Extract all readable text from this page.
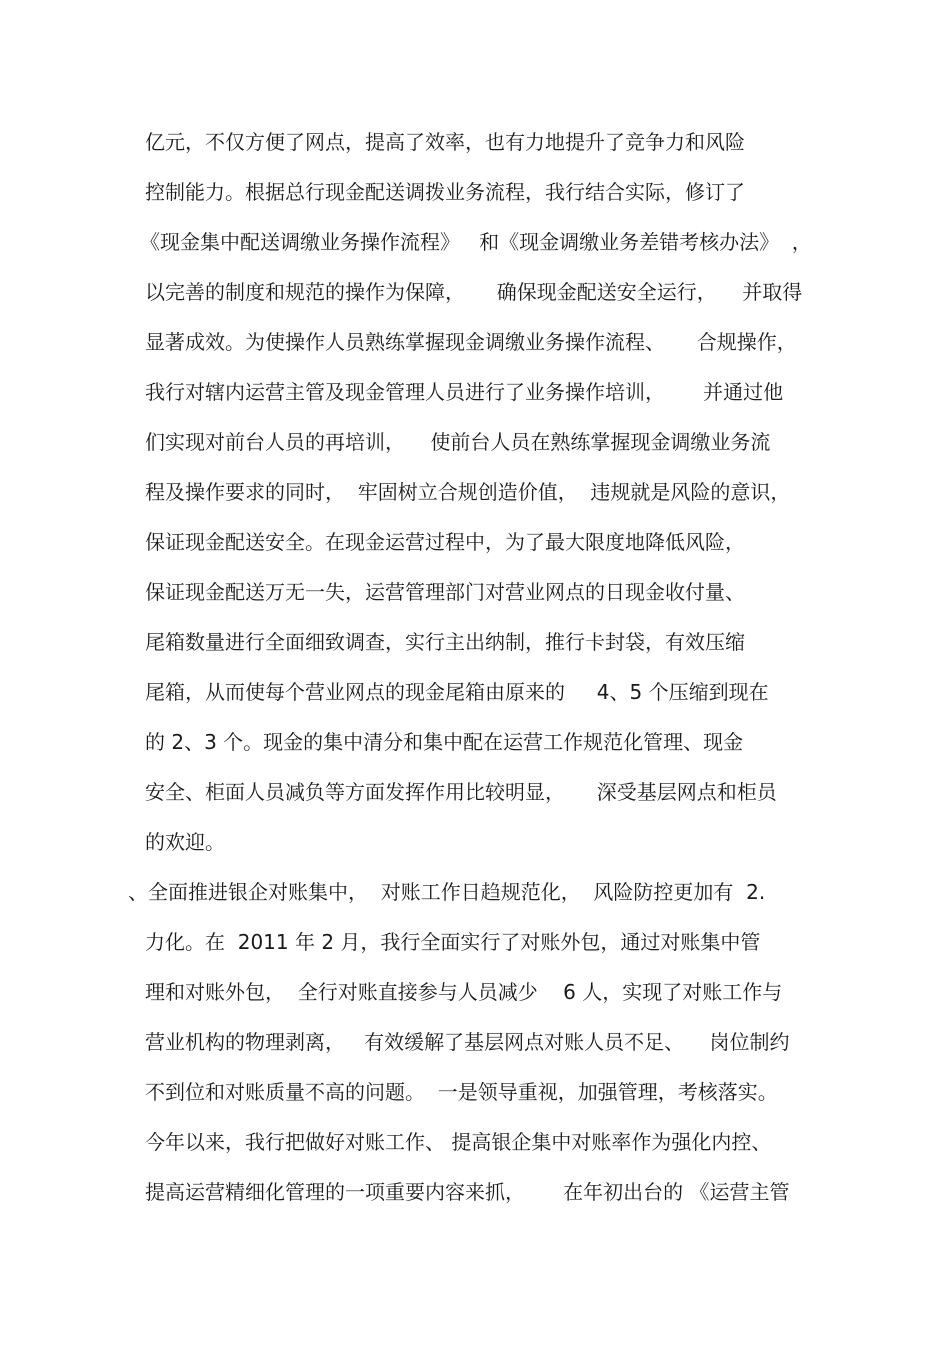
亿元，不仅方便了网点，提高了效率，也有力地提升了竞争力和风险
控制能力。根据总行现金配送调拨业务流程，我行结合实际，修订了
《现金集中配送调缴业务操作流程》   和《现金调缴业务差错考核办法》  ，
以完善的制度和规范的操作为保障，     确保现金配送安全运行，    并取得
显著成效。为使操作人员熟练掌握现金调缴业务操作流程、     合规操作，
我行对辖内运营主管及现金管理人员进行了业务操作培训，      并通过他
们实现对前台人员的再培训，    使前台人员在熟练掌握现金调缴业务流
程及操作要求的同时，  牢固树立合规创造价值，  违规就是风险的意识，
保证现金配送安全。在现金运营过程中，为了最大限度地降低风险，
保证现金配送万无一失，运营管理部门对营业网点的日现金收付量、
尾箱数量进行全面细致调查，实行主出纳制，推行卡封袋，有效压缩
尾箱，从而使每个营业网点的现金尾箱由原来的     4、5 个压缩到现在
的 2、3 个。现金的集中清分和集中配在运营工作规范化管理、现金
安全、柜面人员减负等方面发挥作用比较明显，     深受基层网点和柜员
的欢迎。
、全面推进银企对账集中，  对账工作日趋规范化，  风险防控更加有  2.
力化。在  2011 年 2 月，我行全面实行了对账外包，通过对账集中管
理和对账外包，  全行对账直接参与人员减少    6 人，实现了对账工作与
营业机构的物理剥离，   有效缓解了基层网点对账人员不足、    岗位制约
不到位和对账质量不高的问题。  一是领导重视，加强管理，考核落实。
今年以来，我行把做好对账工作、 提高银企集中对账率作为强化内控、
提高运营精细化管理的一项重要内容来抓，      在年初出台的 《运营主管
